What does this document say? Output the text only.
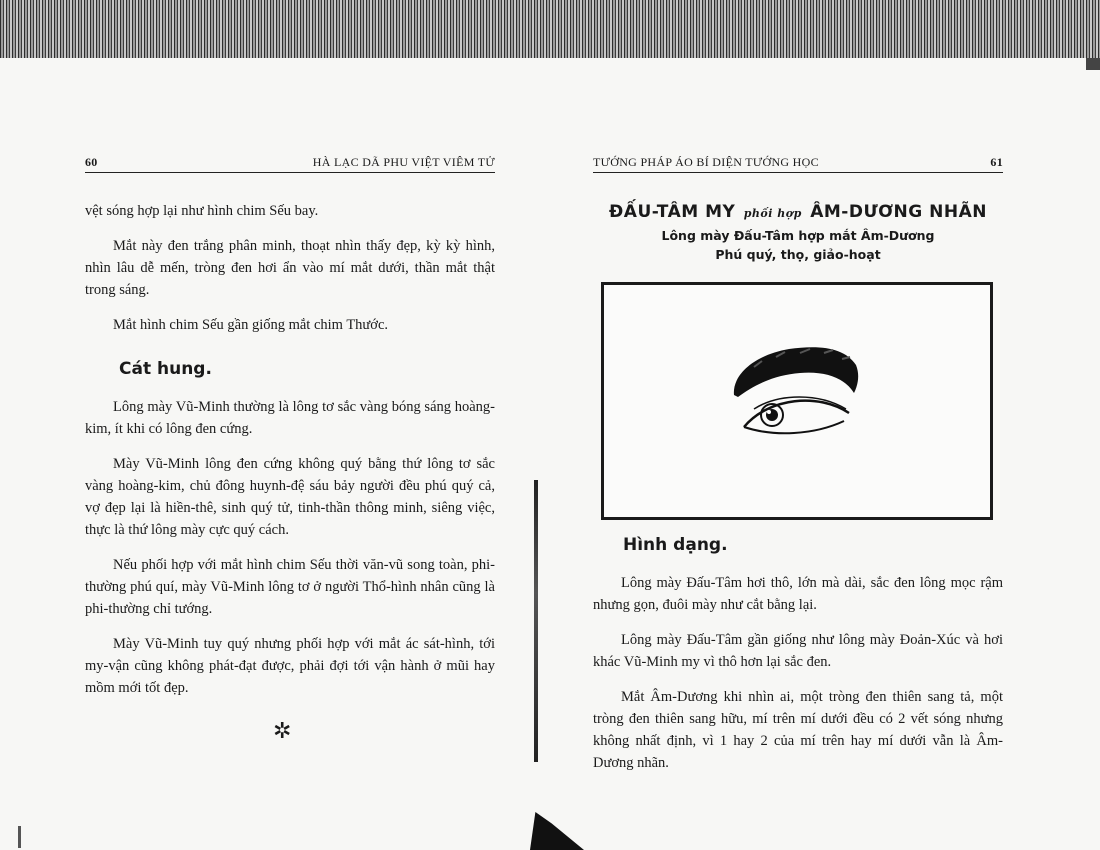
60	HÀ LẠC DÃ PHU VIỆT VIÊM TỬ

vệt sóng hợp lại như hình chim Sếu bay.

Mắt này đen trắng phân minh, thoạt nhìn thấy đẹp, kỳ kỳ hình, nhìn lâu dễ mến, tròng đen hơi ẩn vào mí mắt dưới, thần mắt thật trong sáng.

Mắt hình chim Sếu gần giống mắt chim Thước.

Cát hung.

Lông mày Vũ-Minh thường là lông tơ sắc vàng bóng sáng hoàng-kim, ít khi có lông đen cứng.

Mày Vũ-Minh lông đen cứng không quý bằng thứ lông tơ sắc vàng hoàng-kim, chủ đông huynh-đệ sáu bảy người đều phú quý cả, vợ đẹp lại là hiền-thê, sinh quý tử, tinh-thần thông minh, siêng việc, thực là thứ lông mày cực quý cách.

Nếu phối hợp với mắt hình chim Sếu thời văn-vũ song toàn, phi-thường phú quí, mày Vũ-Minh lông tơ ở người Thổ-hình nhân cũng là phi-thường chỉ tướng.

Mày Vũ-Minh tuy quý nhưng phối hợp với mắt ác sát-hình, tới my-vận cũng không phát-đạt được, phải đợi tới vận hành ở mũi hay mồm mới tốt đẹp.

✲
TƯỚNG PHÁP ÁO BÍ DIỆN TƯỚNG HỌC	61
ĐẤU-TÂM MY phối hợp ÂM-DƯƠNG NHÃN
Lông mày Đấu-Tâm hợp mắt Âm-Dương
Phú quý, thọ, giảo-hoạt
Hình dạng.

Lông mày Đấu-Tâm hơi thô, lớn mà dài, sắc đen lông mọc rậm nhưng gọn, đuôi mày như cắt bằng lại.

Lông mày Đấu-Tâm gần giống như lông mày Đoản-Xúc và hơi khác Vũ-Minh my vì thô hơn lại sắc đen.

Mắt Âm-Dương khi nhìn ai, một tròng đen thiên sang tả, một tròng đen thiên sang hữu, mí trên mí dưới đều có 2 vết sóng nhưng không nhất định, vì 1 hay 2 của mí trên hay mí dưới vẫn là Âm-Dương nhãn.
